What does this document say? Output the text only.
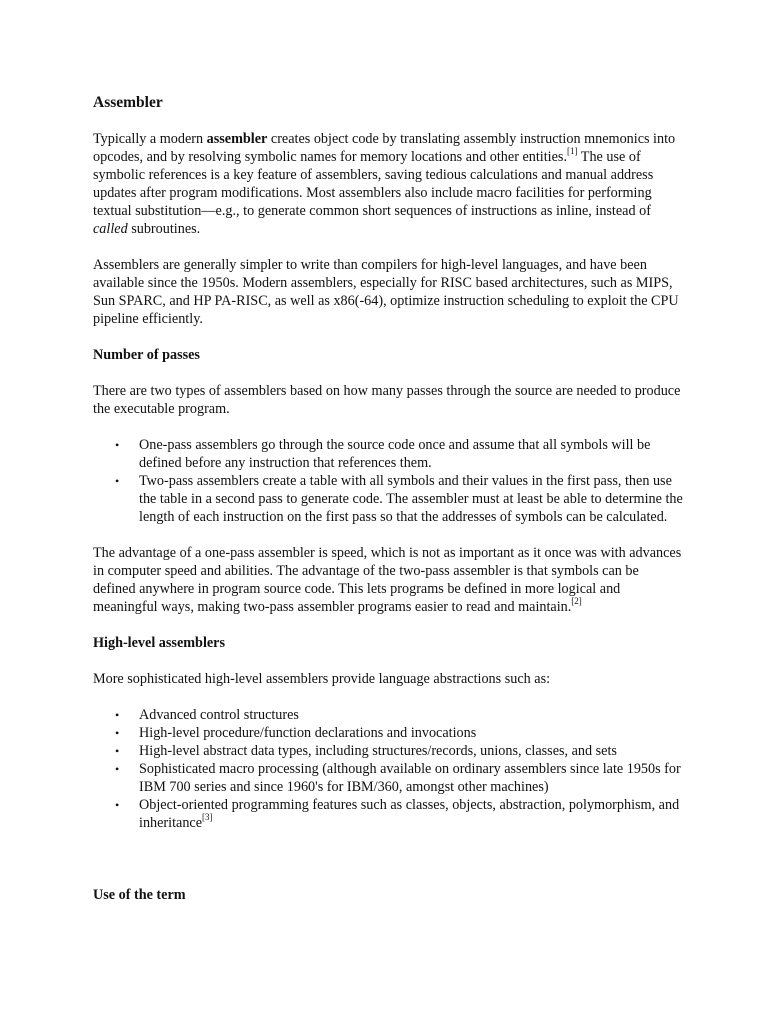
Assembler

Typically a modern assembler creates object code by translating assembly instruction mnemonics into opcodes, and by resolving symbolic names for memory locations and other entities.[1] The use of symbolic references is a key feature of assemblers, saving tedious calculations and manual address updates after program modifications. Most assemblers also include macro facilities for performing textual substitution—e.g., to generate common short sequences of instructions as inline, instead of called subroutines.

Assemblers are generally simpler to write than compilers for high-level languages, and have been available since the 1950s. Modern assemblers, especially for RISC based architectures, such as MIPS, Sun SPARC, and HP PA-RISC, as well as x86(-64), optimize instruction scheduling to exploit the CPU pipeline efficiently.

Number of passes

There are two types of assemblers based on how many passes through the source are needed to produce the executable program.

• One-pass assemblers go through the source code once and assume that all symbols will be defined before any instruction that references them.
• Two-pass assemblers create a table with all symbols and their values in the first pass, then use the table in a second pass to generate code. The assembler must at least be able to determine the length of each instruction on the first pass so that the addresses of symbols can be calculated.

The advantage of a one-pass assembler is speed, which is not as important as it once was with advances in computer speed and abilities. The advantage of the two-pass assembler is that symbols can be defined anywhere in program source code. This lets programs be defined in more logical and meaningful ways, making two-pass assembler programs easier to read and maintain.[2]

High-level assemblers

More sophisticated high-level assemblers provide language abstractions such as:

• Advanced control structures
• High-level procedure/function declarations and invocations
• High-level abstract data types, including structures/records, unions, classes, and sets
• Sophisticated macro processing (although available on ordinary assemblers since late 1950s for IBM 700 series and since 1960's for IBM/360, amongst other machines)
• Object-oriented programming features such as classes, objects, abstraction, polymorphism, and inheritance[3]
Use of the term
